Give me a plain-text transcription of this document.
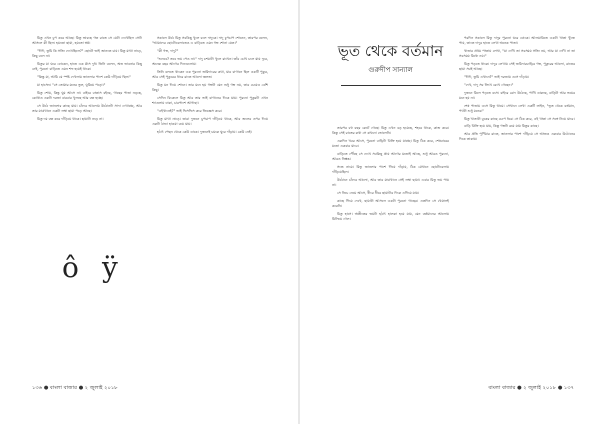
মিতু এখন চুপ করে আছে। মিতু ভাবছে গত রাতে সে যেটা দেখেছিল সেটা আসলে কী ছিল। হয়তো ছায়া, হয়তো স্বপ্ন।

"দিদি, তুমি কি সত্যি দেখেছিলে?" ছোটো ভাই জানতে চায়। মিতু মাথা নাড়ে, কিছু বলে না।

মিতুর মা ঘরে ঢোকেন, হাতে এক গ্লাস দুধ। তিনি বলেন, অত ভাবনার কিছু নেই, পুরনো বাড়িতে এমন শব্দ হয়েই থাকে।

"কিন্তু মা, আমি যে স্পষ্ট দেখলাম জানলার পাশে কেউ দাঁড়িয়ে ছিল।"

মা হাসেন। "সে তোমার মনের ভুল, ঘুমিয়ে পড়ো।"

মিতু শোয়, কিন্তু ঘুম আসে না। বাইরে বাতাস বইছে, গাছের পাতা নড়ছে, কোথাও একটা দরজা বারবার খুলছে আর বন্ধ হচ্ছে।

সে উঠে জানলার কাছে যায়। চাঁদের আলোয় উঠোনটা সাদা দেখাচ্ছে, আর তার মাঝখানে একটা লম্বা ছায়া পড়ে আছে।

মিতু দম বন্ধ করে দাঁড়িয়ে থাকে। ছায়াটা নড়ে না।

সকালে উঠে মিতু সবকিছু খুলে বলে দাদুকে। দাদু চুপচাপ শোনেন, তারপর বলেন, "আমাদের ছোটোবেলাতেও এ বাড়িতে এমন গল্প শোনা যেত।"

"কী গল্প, দাদু?"

"শুনবে? তবে ভয় পেও না।" দাদু চশমাটা খুলে রাখেন। তাঁর চোখ চলে যায় দূরে, অনেক বছর আগের দিনগুলোয়।

তিনি বলতে থাকেন এক পুরনো জমিদারের কথা, যার বাগানে ছিল একটি পুকুর, আর সেই পুকুরের ধারে রাতে আলো জ্বলত।

মিতু মন দিয়ে শোনে। তার মনে হয় গল্পটা যেন শুধু গল্প নয়, তার চেয়েও বেশি কিছু।

সেদিন বিকেলে মিতু আর তার ভাই বাগানের দিকে যায়। পুরনো পুকুরটা এখন শ্যাওলায় ঢাকা, চারপাশে আগাছা।

"এইখানেই?" ভাই ফিসফিস করে জিজ্ঞেস করে।

মিতু মাথা নাড়ে। তারা দুজনে চুপচাপ দাঁড়িয়ে থাকে, আর জলের ওপর দিয়ে একটা ঠান্ডা হাওয়া বয়ে যায়।

হঠাৎ পেছন থেকে কেউ ডাকে। দুজনেই চমকে ঘুরে দাঁড়ায়। কেউ নেই।

ô ÿ
১৩৬ ● বাংলা বাজার ● ২ জুলাই ২০১৮
ভূত থেকে বর্তমান
গুরুদীপ সান্যাল

তারপর বহু বছর কেটে গেছে। মিতু এখন বড় হয়েছে, শহরে থাকে, কাজ করে। কিন্তু সেই রাতের কথা সে কখনো ভোলেনি।

একদিন খবর আসে, পুরনো বাড়িটা বিক্রি হয়ে যাচ্ছে। মিতু ঠিক করে, শেষবারের মতো একবার যাবে।

বাড়িতে পৌঁছে সে দেখে সবকিছু প্রায় আগের মতোই আছে, শুধু আরও পুরনো, আরও নিস্তব্ধ।

সন্ধে নামে। মিতু জানলার পাশে গিয়ে দাঁড়ায়, ঠিক যেখানে ছোটোবেলায় দাঁড়িয়েছিল।

উঠোনে চাঁদের আলো, আর তার মাঝখানে সেই লম্বা ছায়া। এবার মিতু ভয় পায় না।

সে নিচে নেমে আসে, ধীরে ধীরে ছায়াটার দিকে এগিয়ে যায়।

কাছে গিয়ে দেখে, ছায়াটা আসলে একটা পুরনো গাছের। এতদিন সে খেয়ালই করেনি।

মিতু হাসে। অতীতের ভয়টা হঠাৎ হালকা হয়ে যায়, যেন বর্তমানের আলোয় মিলিয়ে গেল।

পরদিন সকালে মিতু দাদুর পুরনো ঘরে ঢোকে। আলমারিতে একটা খাতা খুঁজে পায়, তাতে দাদুর হাতে লেখা অনেক পাতা।

খাতার প্রথম পাতায় লেখা, "যা দেখি তা সবসময় সত্যি নয়, আর যা দেখি না তা সবসময় মিথ্যে নয়।"

মিতু পড়তে থাকে। দাদুর লেখায় সেই জমিদারবাড়ির গল্প, পুকুরের আলো, রাতের ছায়া সবই আছে।

"দিদি, তুমি এখানে?" ভাই দরজায় এসে দাঁড়ায়।

"দেখ, দাদু সব লিখে রেখে গেছেন।"

দুজনে মিলে পড়তে বসে। বাইরে রোদ উঠেছে, পাখি ডাকছে, বাড়িটা আর ভয়ের মনে হয় না।

শেষ পাতায় এসে মিতু থামে। সেখানে লেখা একটি লাইন, "ভূত থেকে বর্তমান, পথটা শুধু মনের।"

মিতু খাতাটা বুকের কাছে চেপে ধরে। সে ঠিক করে, এই খাতা সে সঙ্গে নিয়ে যাবে।

বাড়ি বিক্রি হয়ে যায়, কিন্তু গল্পটা রয়ে যায় মিতুর কাছে।

আর প্রতি পূর্ণিমার রাতে, জানলার পাশে দাঁড়িয়ে সে আজও একবার উঠোনের দিকে তাকায়।

বাংলা বাজার ● ২ জুলাই ২০১৮ ● ১৩৭
